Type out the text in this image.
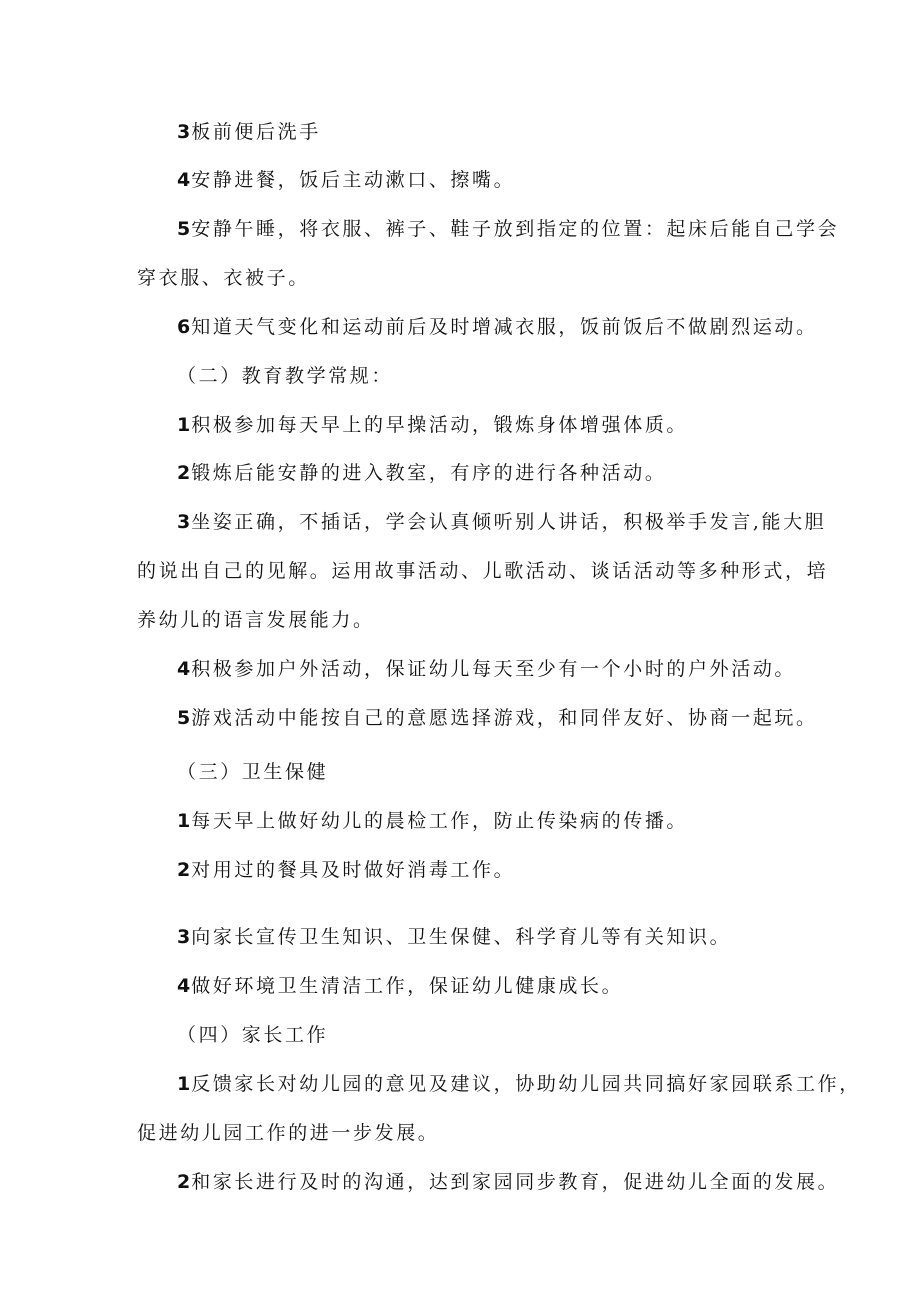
3板前便后洗手

4安静进餐，饭后主动漱口、擦嘴。

5安静午睡，将衣服、裤子、鞋子放到指定的位置：起床后能自己学会

穿衣服、衣被子。

6知道天气变化和运动前后及时增减衣服，饭前饭后不做剧烈运动。

（二）教育教学常规：

1积极参加每天早上的早操活动，锻炼身体增强体质。

2锻炼后能安静的进入教室，有序的进行各种活动。

3坐姿正确，不插话，学会认真倾听别人讲话，积极举手发言,能大胆

的说出自己的见解。运用故事活动、儿歌活动、谈话活动等多种形式，培

养幼儿的语言发展能力。

4积极参加户外活动，保证幼儿每天至少有一个小时的户外活动。

5游戏活动中能按自己的意愿选择游戏，和同伴友好、协商一起玩。

（三）卫生保健

1每天早上做好幼儿的晨检工作，防止传染病的传播。

2对用过的餐具及时做好消毒工作。

3向家长宣传卫生知识、卫生保健、科学育儿等有关知识。

4做好环境卫生清洁工作，保证幼儿健康成长。

（四）家长工作

1反馈家长对幼儿园的意见及建议，协助幼儿园共同搞好家园联系工作，

促进幼儿园工作的进一步发展。

2和家长进行及时的沟通，达到家园同步教育，促进幼儿全面的发展。
